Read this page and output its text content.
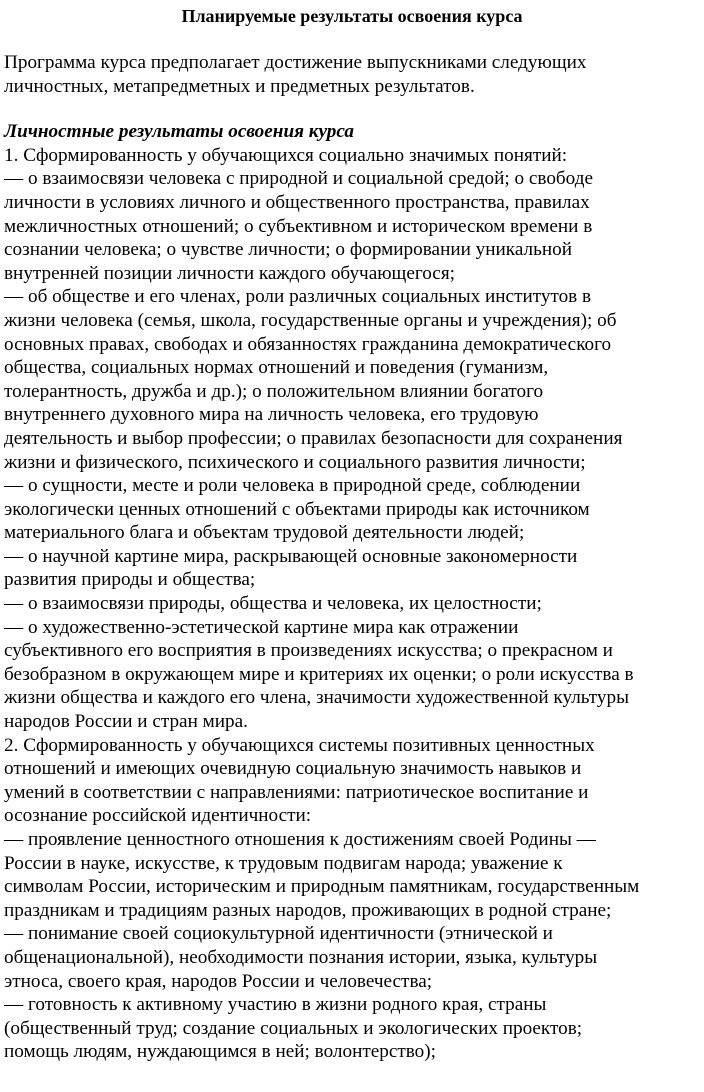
Планируемые результаты освоения курса

Программа курса предполагает достижение выпускниками следующих
личностных, метапредметных и предметных результатов.

Личностные результаты освоения курса

1. Сформированность у обучающихся социально значимых понятий:
— о взаимосвязи человека с природной и социальной средой; о свободе
личности в условиях личного и общественного пространства, правилах
межличностных отношений; о субъективном и историческом времени в
сознании человека; о чувстве личности; о формировании уникальной
внутренней позиции личности каждого обучающегося;
— об обществе и его членах, роли различных социальных институтов в
жизни человека (семья, школа, государственные органы и учреждения); об
основных правах, свободах и обязанностях гражданина демократического
общества, социальных нормах отношений и поведения (гуманизм,
толерантность, дружба и др.); о положительном влиянии богатого
внутреннего духовного мира на личность человека, его трудовую
деятельность и выбор профессии; о правилах безопасности для сохранения
жизни и физического, психического и социального развития личности;
— о сущности, месте и роли человека в природной среде, соблюдении
экологически ценных отношений с объектами природы как источником
материального блага и объектам трудовой деятельности людей;
— о научной картине мира, раскрывающей основные закономерности
развития природы и общества;
— о взаимосвязи природы, общества и человека, их целостности;
— о художественно-эстетической картине мира как отражении
субъективного его восприятия в произведениях искусства; о прекрасном и
безобразном в окружающем мире и критериях их оценки; о роли искусства в
жизни общества и каждого его члена, значимости художественной культуры
народов России и стран мира.
2. Сформированность у обучающихся системы позитивных ценностных
отношений и имеющих очевидную социальную значимость навыков и
умений в соответствии с направлениями: патриотическое воспитание и
осознание российской идентичности:
— проявление ценностного отношения к достижениям своей Родины —
России в науке, искусстве, к трудовым подвигам народа; уважение к
символам России, историческим и природным памятникам, государственным
праздникам и традициям разных народов, проживающих в родной стране;
— понимание своей социокультурной идентичности (этнической и
общенациональной), необходимости познания истории, языка, культуры
этноса, своего края, народов России и человечества;
— готовность к активному участию в жизни родного края, страны
(общественный труд; создание социальных и экологических проектов;
помощь людям, нуждающимся в ней; волонтерство);
